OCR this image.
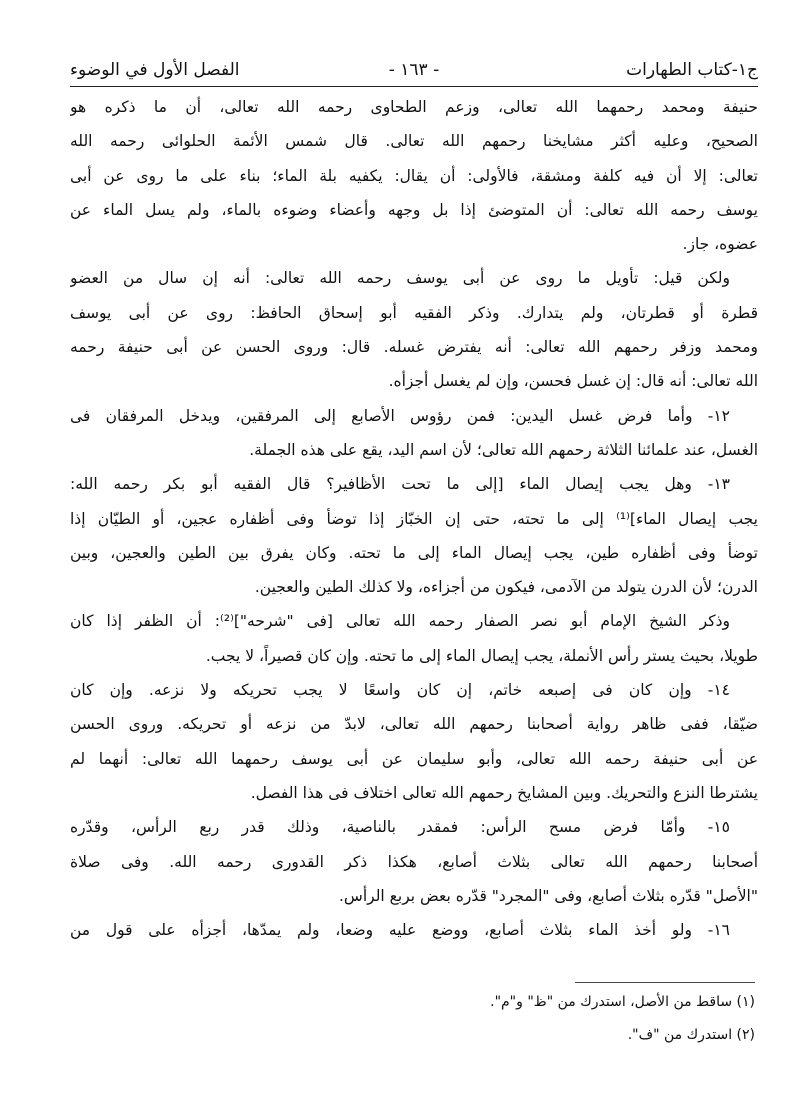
ج١-كتاب الطهارات
- ١٦٣ -
الفصل الأول في الوضوء
حنيفة ومحمد رحمهما الله تعالى، وزعم الطحاوى رحمه الله تعالى، أن ما ذكره هو
الصحيح، وعليه أكثر مشايخنا رحمهم الله تعالى. قال شمس الأئمة الحلوائى رحمه الله
تعالى: إلا أن فيه كلفة ومشقة، فالأولى: أن يقال: يكفيه بلة الماء؛ بناء على ما روى عن أبى
يوسف رحمه الله تعالى: أن المتوضئ إذا بل وجهه وأعضاء وضوءه بالماء، ولم يسل الماء عن
عضوه، جاز.
ولكن قيل: تأويل ما روى عن أبى يوسف رحمه الله تعالى: أنه إن سال من العضو
قطرة أو قطرتان، ولم يتدارك. وذكر الفقيه أبو إسحاق الحافظ: روى عن أبى يوسف
ومحمد وزفر رحمهم الله تعالى: أنه يفترض غسله. قال: وروى الحسن عن أبى حنيفة رحمه
الله تعالى: أنه قال: إن غسل فحسن، وإن لم يغسل أجزأه.
١٢- وأما فرض غسل اليدين: فمن رؤوس الأصابع إلى المرفقين، ويدخل المرفقان فى
الغسل، عند علمائنا الثلاثة رحمهم الله تعالى؛ لأن اسم اليد، يقع على هذه الجملة.
١٣- وهل يجب إيصال الماء [إلى ما تحت الأظافير؟ قال الفقيه أبو بكر رحمه الله:
يجب إيصال الماء]⁽¹⁾ إلى ما تحته، حتى إن الخبّاز إذا توضأ وفى أظفاره عجين، أو الطيّان إذا
توضأ وفى أظفاره طين، يجب إيصال الماء إلى ما تحته. وكان يفرق بين الطين والعجين، وبين
الدرن؛ لأن الدرن يتولد من الآدمى، فيكون من أجزاءه، ولا كذلك الطين والعجين.
وذكر الشيخ الإمام أبو نصر الصفار رحمه الله تعالى [فى "شرحه"]⁽²⁾: أن الظفر إذا كان
طويلا، بحيث يستر رأس الأنملة، يجب إيصال الماء إلى ما تحته. وإن كان قصيراً، لا يجب.
١٤- وإن كان فى إصبعه خاتم، إن كان واسعًا لا يجب تحريكه ولا نزعه. وإن كان
ضيّقا، ففى ظاهر رواية أصحابنا رحمهم الله تعالى، لابدّ من نزعه أو تحريكه. وروى الحسن
عن أبى حنيفة رحمه الله تعالى، وأبو سليمان عن أبى يوسف رحمهما الله تعالى: أنهما لم
يشترطا النزع والتحريك. وبين المشايخ رحمهم الله تعالى اختلاف فى هذا الفصل.
١٥- وأمّا فرض مسح الرأس: فمقدر بالناصية، وذلك قدر ربع الرأس، وقدّره
أصحابنا رحمهم الله تعالى بثلاث أصابع، هكذا ذكر القدورى رحمه الله. وفى صلاة
"الأصل" قدّره بثلاث أصابع، وفى "المجرد" قدّره بعض بربع الرأس.
١٦- ولو أخذ الماء بثلاث أصابع، ووضع عليه وضعا، ولم يمدّها، أجزأه على قول من
(١) ساقط من الأصل، استدرك من "ظ" و"م".
(٢) استدرك من "ف".
